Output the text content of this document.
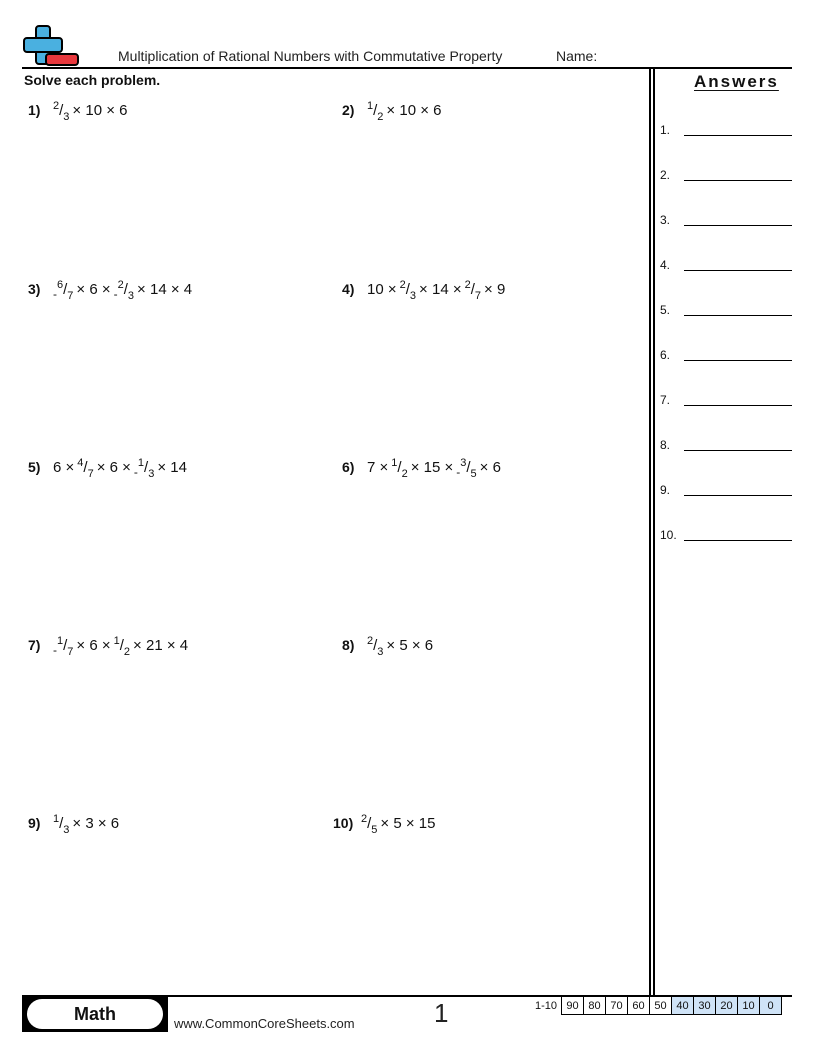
Multiplication of Rational Numbers with Commutative Property	Name:
Solve each problem.
1) $^2/_3 \times 10 \times 6$	2) $^1/_2 \times 10 \times 6$
3) $_-^6/_7 \times 6 \times _-^2/_3 \times 14 \times 4$	4) $10 \times ^2/_3 \times 14 \times ^2/_7 \times 9$
5) $6 \times ^4/_7 \times 6 \times _-^1/_3 \times 14$	6) $7 \times ^1/_2 \times 15 \times _-^3/_5 \times 6$
7) $_-^1/_7 \times 6 \times ^1/_2 \times 21 \times 4$	8) $^2/_3 \times 5 \times 6$
9) $^1/_3 \times 3 \times 6$	10) $^2/_5 \times 5 \times 15$
Answers
1.
2.
3.
4.
5.
6.
7.
8.
9.
10.
Math	www.CommonCoreSheets.com	1	1-10	90	80	70	60	50	40	30	20	10	0
